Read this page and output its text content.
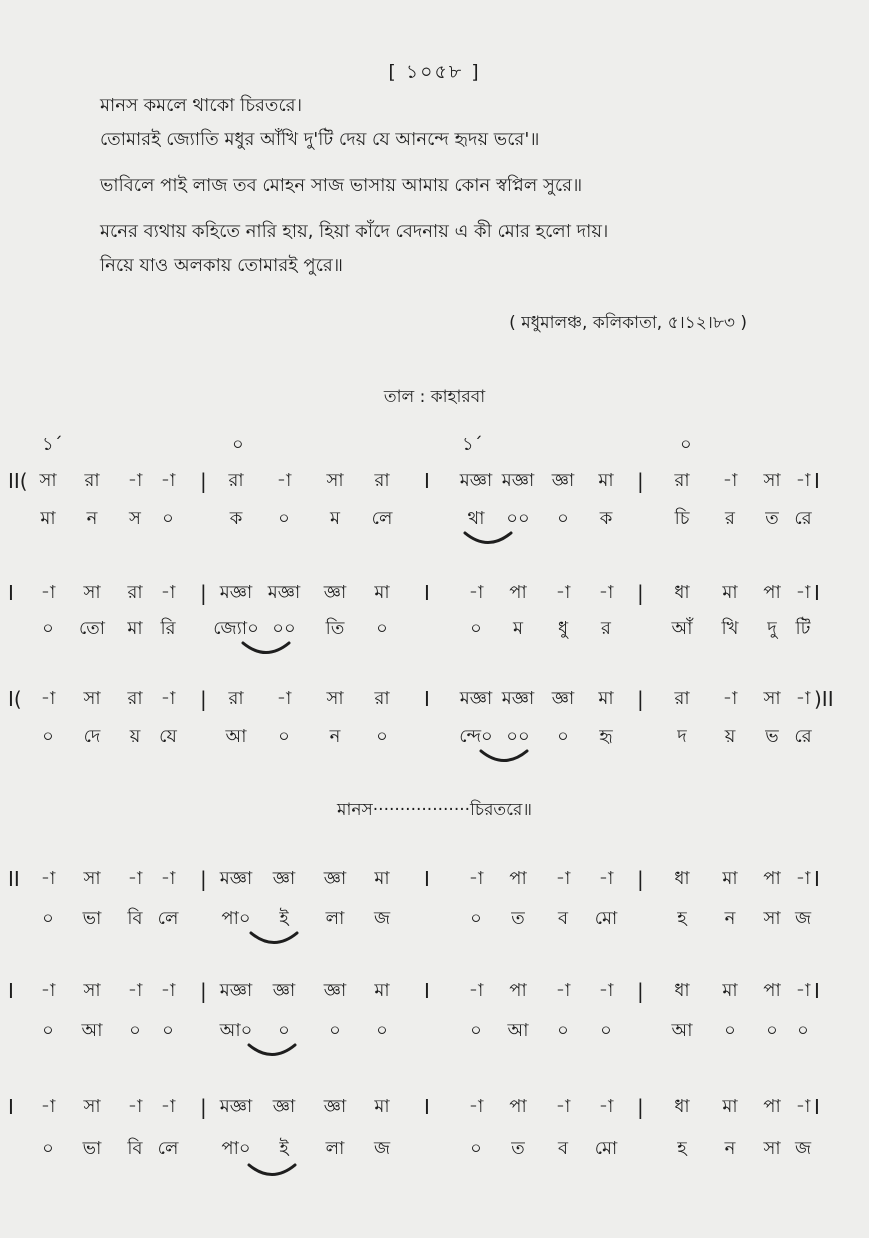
[ ১০৫৮ ]
মানস কমলে থাকো চিরতরে।
তোমারই জ্যোতি মধুর আঁখি দু'টি দেয় যে আনন্দে হৃদয় ভরে'॥
ভাবিলে পাই লাজ তব মোহন সাজ ভাসায় আমায় কোন স্বপ্নিল সুরে॥
মনের ব্যথায় কহিতে নারি হায়, হিয়া কাঁদে বেদনায় এ কী মোর হলো দায়।
নিয়ে যাও অলকায় তোমারই পুরে॥
( মধুমালঞ্চ, কলিকাতা, ৫।১২।৮৩ )
তাল : কাহারবা
১´	০	১´	০
মানস··················চিরতরে॥
II(	|	I	|	I
সা	রা	-া	-া	রা	-া	সা	রা	মজ্ঞা মজ্ঞা জ্ঞা	মা	রা	-া	সা -া
মা	ন	স	০	ক	০	ম	লে	থা	০০	০	ক	চি	র	ত রে
I	|	I	|	I
-া	সা	রা	-া	মজ্ঞা মজ্ঞা	জ্ঞা	মা	-া	পা	-া	-া	ধা	মা	পা -া
০	তো	মা রি	জ্যো০ ০০	তি	০	০	ম	ধু	র	আঁ	খি	দু	টি
I(	|	I	|	)II
-া	সা	রা	-া	রা	-া	সা	রা	মজ্ঞা মজ্ঞা জ্ঞা	মা	রা	-া	সা -া
০	দে	য়	যে	আ	০	ন	০	ন্দে০ ০০	০	হৃ	দ	য়	ভ রে
II	|	I	|	I
-া	সা	-া	-া	মজ্ঞা	জ্ঞা	জ্ঞা	মা	-া	পা	-া	-া	ধা	মা	পা -া
০	ভা	বি লে	পা০	ই	লা	জ	০	ত	ব	মো	হ	ন	সা জ
I	|	I	|	I
-া	সা	-া	-া	মজ্ঞা	জ্ঞা	জ্ঞা	মা	-া	পা	-া	-া	ধা	মা	পা -া
০	আ	০	০	আ০	০	০	০	০	আ	০	০	আ	০	০	০
I	|	I	|	I
-া	সা	-া	-া	মজ্ঞা	জ্ঞা	জ্ঞা	মা	-া	পা	-া	-া	ধা	মা	পা -া
০	ভা	বি লে	পা০	ই	লা	জ	০	ত	ব	মো	হ	ন	সা জ
